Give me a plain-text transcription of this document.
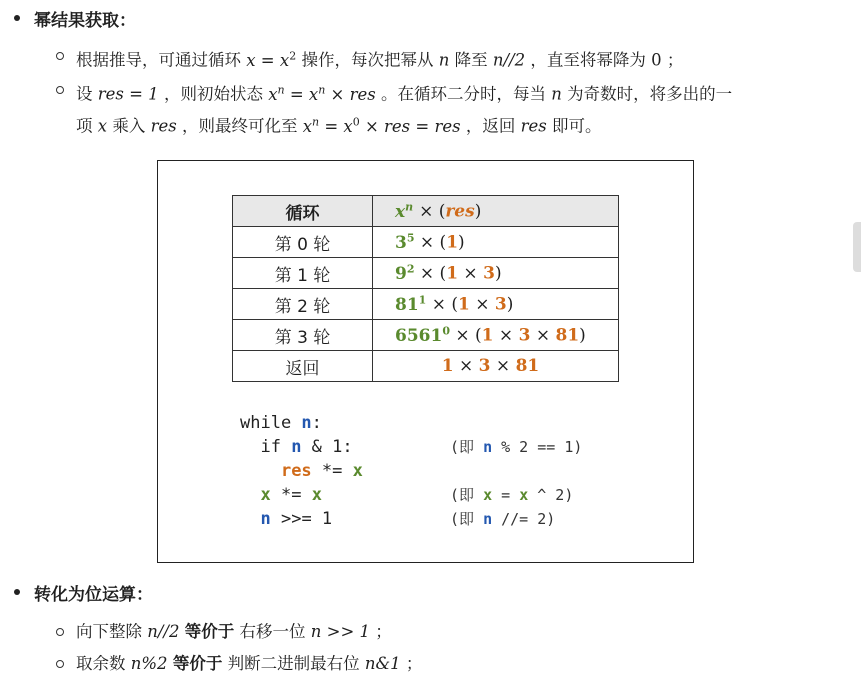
幂结果获取：
根据推导，可通过循环 $x = x^2$ 操作，每次把幂从 n 降至 n//2 ，直至将幂降为 0 ；
设 res = 1 ，则初始状态 $x^n = x^n$ × res 。在循环二分时，每当 n 为奇数时，将多出的一
项 x 乘入 res ，则最终可化至 $x^n = x^0$ × res = res ，返回 res 即可。
循环	$x^n \times (res)$
第 0 轮	$3^5 \times (1)$
第 1 轮	$9^2 \times (1 \times 3)$
第 2 轮	$81^1 \times (1 \times 3)$
第 3 轮	$6561^0 \times (1 \times 3 \times 81)$
返回	1 × 3 × 81
while n:
if n & 1:
res *= x
x *= x
n >>= 1
(即 n % 2 == 1)
(即 x = x ^ 2)
(即 n //= 2)
转化为位运算：
向下整除 n//2 等价于 右移一位 n >> 1 ；
取余数 n%2 等价于 判断二进制最右位 n&1 ；
